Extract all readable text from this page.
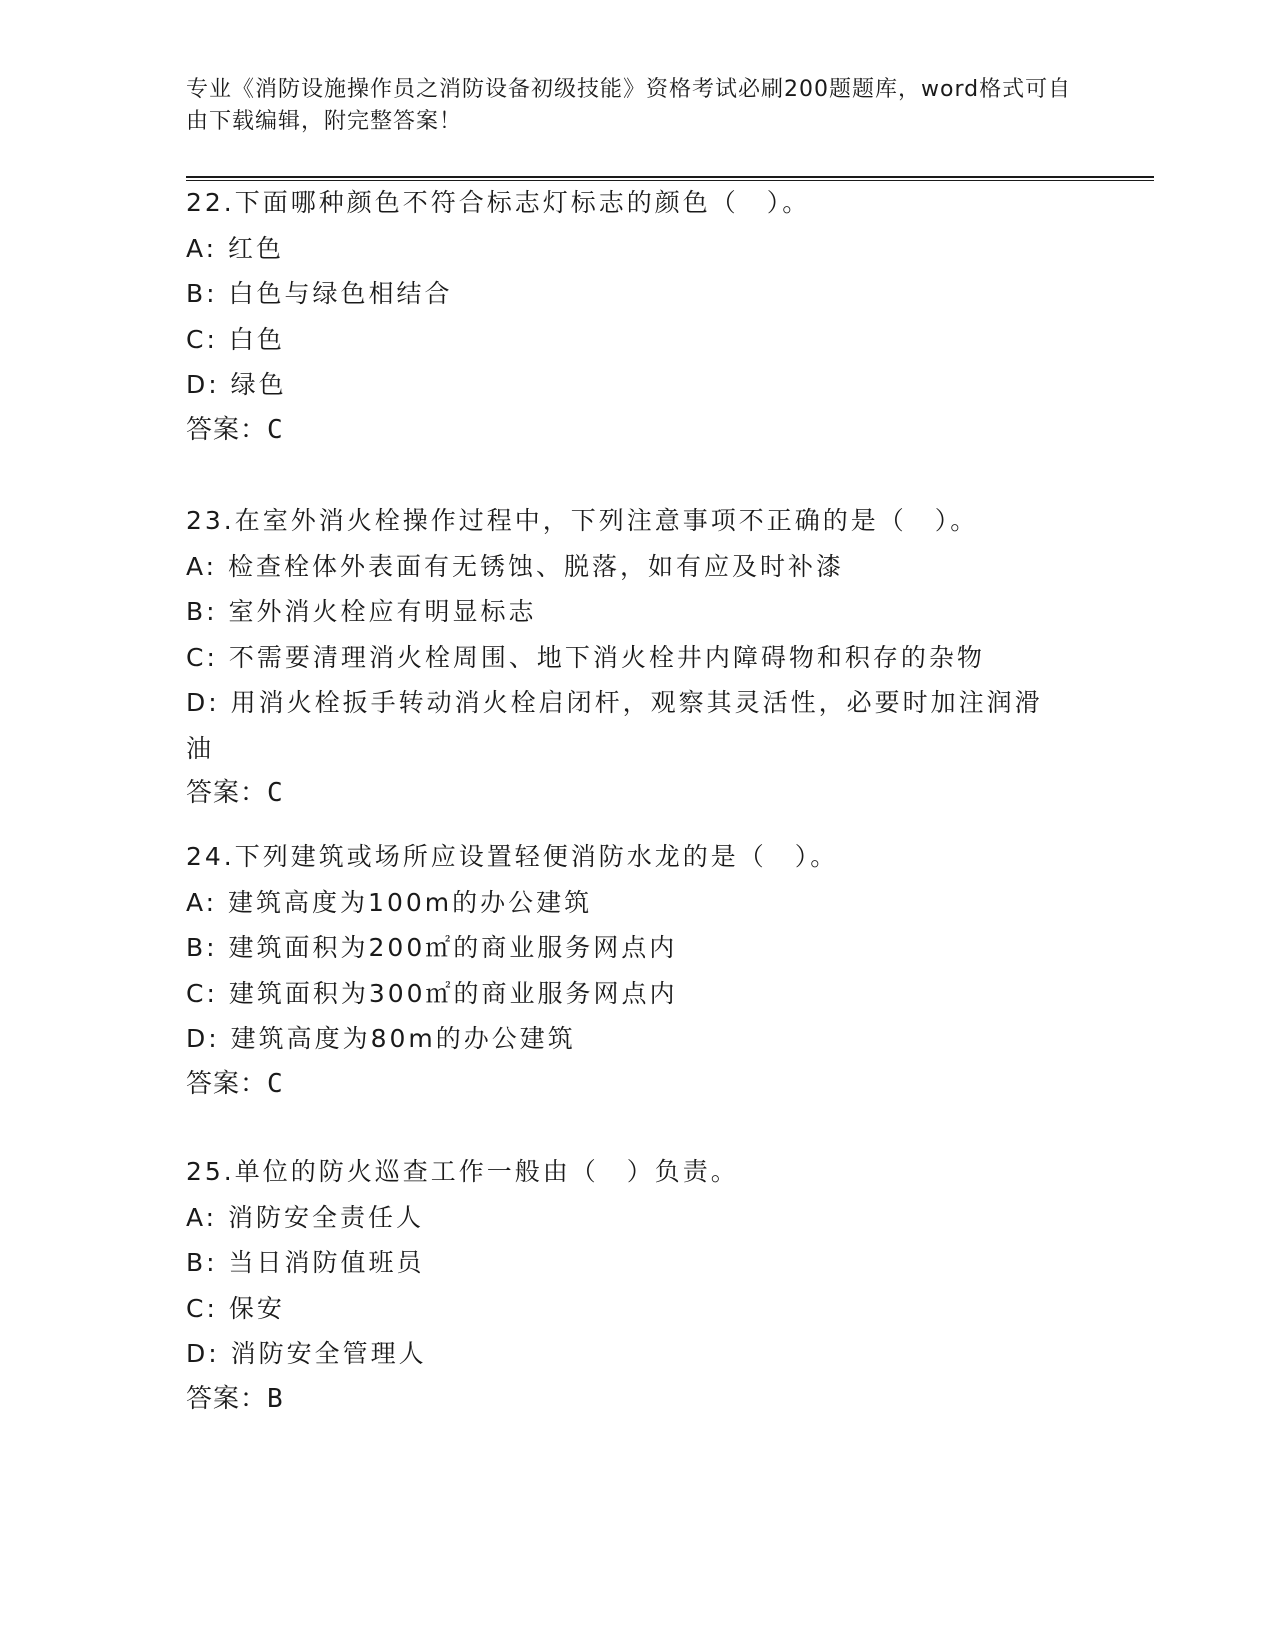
专业《消防设施操作员之消防设备初级技能》资格考试必刷200题题库，word格式可自由下载编辑，附完整答案！

22.下面哪种颜色不符合标志灯标志的颜色（　）。

A: 红色

B: 白色与绿色相结合

C: 白色

D: 绿色

答案：C

23.在室外消火栓操作过程中，下列注意事项不正确的是（　）。

A: 检查栓体外表面有无锈蚀、脱落，如有应及时补漆

B: 室外消火栓应有明显标志

C: 不需要清理消火栓周围、地下消火栓井内障碍物和积存的杂物

D: 用消火栓扳手转动消火栓启闭杆，观察其灵活性，必要时加注润滑油

答案：C

24.下列建筑或场所应设置轻便消防水龙的是（　）。

A: 建筑高度为100m的办公建筑

B: 建筑面积为200㎡的商业服务网点内

C: 建筑面积为300㎡的商业服务网点内

D: 建筑高度为80m的办公建筑

答案：C

25.单位的防火巡查工作一般由（　）负责。

A: 消防安全责任人

B: 当日消防值班员

C: 保安

D: 消防安全管理人

答案：B
